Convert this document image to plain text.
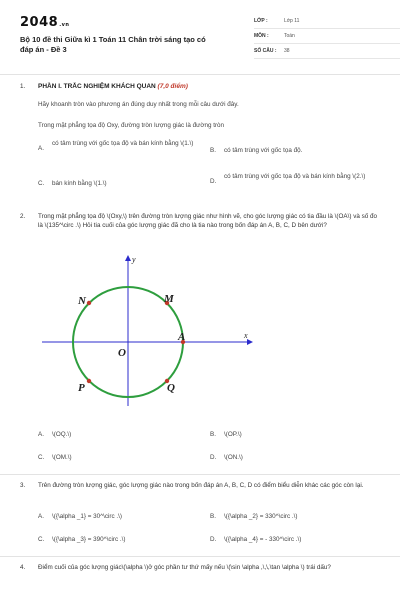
2048.vn
Bộ 10 đề thi Giữa kì 1 Toán 11 Chân trời sáng tạo có đáp án - Đề 3
LỚP :	Lớp 11
MÔN :	Toán
SỐ CÂU : 38
1. PHẦN I. TRẮC NGHIỆM KHÁCH QUAN (7,0 điểm)
Hãy khoanh tròn vào phương án đúng duy nhất trong mỗi câu dưới đây.
Trong mặt phẳng tọa độ Oxy, đường tròn lượng giác là đường tròn
A.
có tâm trùng với gốc tọa độ và bán kính bằng \(1.\)
B. có tâm trùng với gốc tọa độ.
C. bán kính bằng \(1.\)	D.
có tâm trùng với gốc tọa độ và bán kính bằng \(2.\)
2. Trong mặt phẳng tọa độ \(Oxy,\) trên đường tròn lượng giác như hình vẽ, cho góc lượng giác có tia đầu là \(OA\) và số đo là \(135^\circ .\) Hỏi tia cuối của góc lượng giác đã cho là tia nào trong bốn đáp án A, B, C, D bên dưới?
x
y
O
N	M
A
P	Q
A. \(OQ.\)	B. \(OP.\)
C. \(OM.\)	D. \(ON.\)
3. Trên đường tròn lượng giác, góc lượng giác nào trong bốn đáp án A, B, C, D có điểm biểu diễn khác các góc còn lại.
A. \({\alpha _1} = 30^\circ .\)	B. \({\alpha _2} = 330^\circ .\)
C. \({\alpha _3} = 390^\circ .\)	D. \({\alpha _4} = - 330^\circ .\)
4. Điểm cuối của góc lượng giác\(\alpha \)ở góc phần tư thứ mấy nếu \(\sin \alpha ,\,\,\tan \alpha \) trái dấu?
